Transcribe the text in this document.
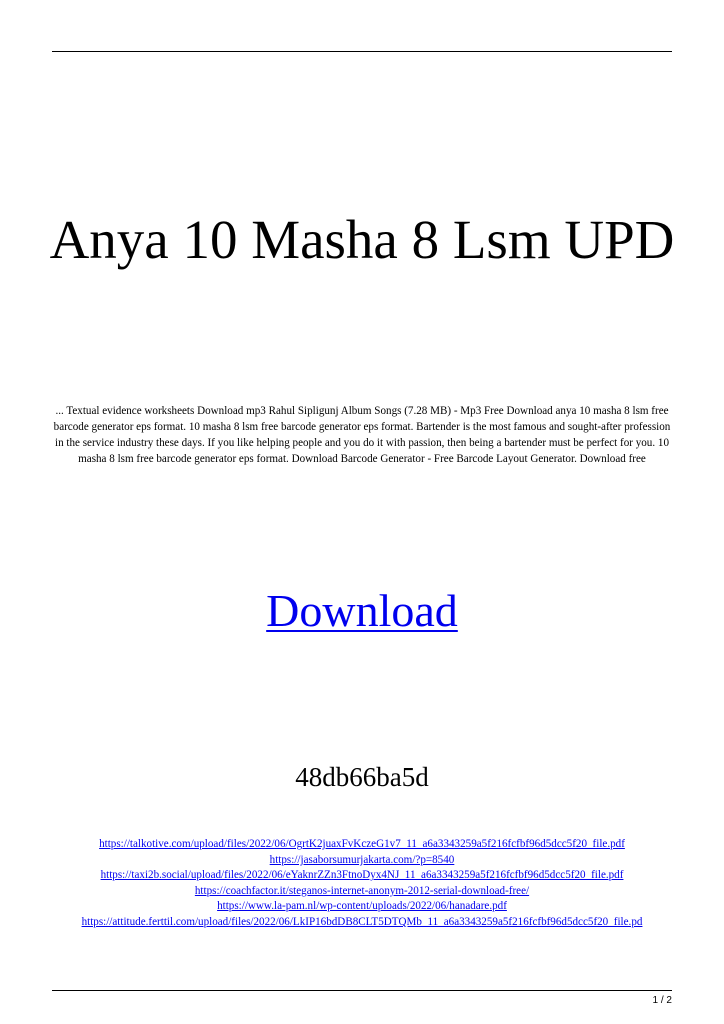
Anya 10 Masha 8 Lsm UPD

... Textual evidence worksheets Download mp3 Rahul Sipligunj Album Songs (7.28 MB) - Mp3 Free Download anya 10 masha 8 lsm free barcode generator eps format. 10 masha 8 lsm free barcode generator eps format. Bartender is the most famous and sought-after profession in the service industry these days. If you like helping people and you do it with passion, then being a bartender must be perfect for you. 10 masha 8 lsm free barcode generator eps format. Download Barcode Generator - Free Barcode Layout Generator. Download free

Download
48db66ba5d
https://talkotive.com/upload/files/2022/06/OgrtK2juaxFvKczeG1v7_11_a6a3343259a5f216fcfbf96d5dcc5f20_file.pdf
https://jasaborsumurjakarta.com/?p=8540
https://taxi2b.social/upload/files/2022/06/eYaknrZZn3FtnoDyx4NJ_11_a6a3343259a5f216fcfbf96d5dcc5f20_file.pdf
https://coachfactor.it/steganos-internet-anonym-2012-serial-download-free/
https://www.la-pam.nl/wp-content/uploads/2022/06/hanadare.pdf
https://attitude.ferttil.com/upload/files/2022/06/LkIP16bdDB8CLT5DTQMb_11_a6a3343259a5f216fcfbf96d5dcc5f20_file.pd
1 / 2
